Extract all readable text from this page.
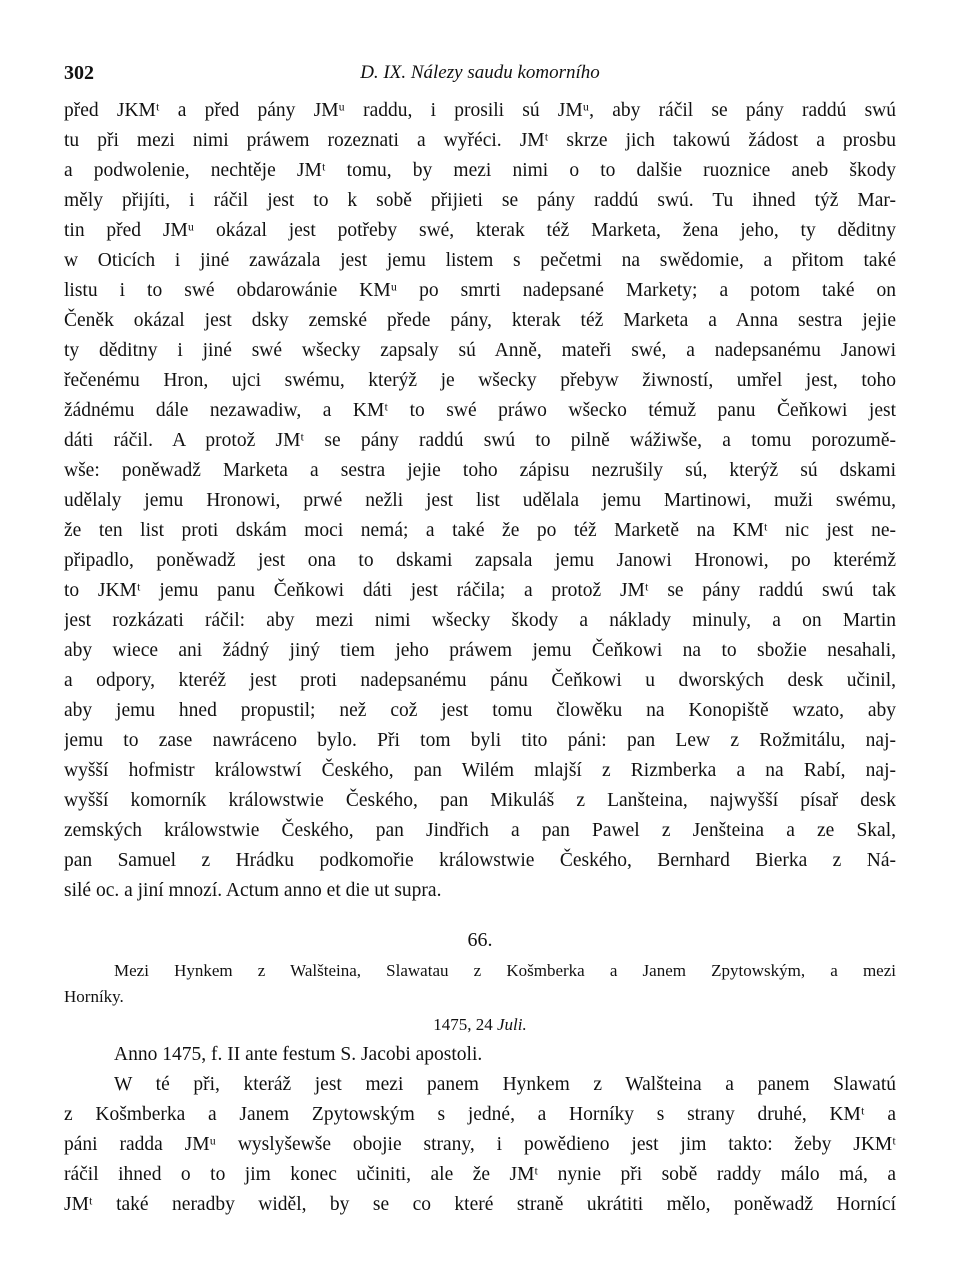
302	D. IX. Nálezy saudu komorního
před JKMᵗ a před pány JMᵘ raddu, i prosili sú JMᵘ, aby ráčil se pány raddú swú
tu při mezi nimi práwem rozeznati a wyřéci. JMᵗ skrze jich takowú žádost a prosbu
a podwolenie, nechtěje JMᵗ tomu, by mezi nimi o to dalšie ruoznice aneb škody
měly přijíti, i ráčil jest to k sobě přijieti se pány raddú swú. Tu ihned týž Mar-
tin před JMᵘ okázal jest potřeby swé, kterak též Marketa, žena jeho, ty děditny
w Oticích i jiné zawázala jest jemu listem s pečetmi na swědomie, a přitom také
listu i to swé obdarowánie KMᵘ po smrti nadepsané Markety; a potom také on
Čeněk okázal jest dsky zemské přede pány, kterak též Marketa a Anna sestra jejie
ty děditny i jiné swé wšecky zapsaly sú Anně, mateři swé, a nadepsanému Janowi
řečenému Hron, ujci swému, kterýž je wšecky přebyw žiwností, umřel jest, toho
žádnému dále nezawadiw, a KMᵗ to swé práwo wšecko témuž panu Čeňkowi jest
dáti ráčil. A protož JMᵗ se pány raddú swú to pilně wážiwše, a tomu porozumě-
wše: poněwadž Marketa a sestra jejie toho zápisu nezrušily sú, kterýž sú dskami
udělaly jemu Hronowi, prwé nežli jest list udělala jemu Martinowi, muži swému,
že ten list proti dskám moci nemá; a také že po též Marketě na KMᵗ nic jest ne-
připadlo, poněwadž jest ona to dskami zapsala jemu Janowi Hronowi, po kterémž
to JKMᵗ jemu panu Čeňkowi dáti jest ráčila; a protož JMᵗ se pány raddú swú tak
jest rozkázati ráčil: aby mezi nimi wšecky škody a náklady minuly, a on Martin
aby wiece ani žádný jiný tiem jeho práwem jemu Čeňkowi na to sbožie nesahali,
a odpory, kteréž jest proti nadepsanému pánu Čeňkowi u dworských desk učinil,
aby jemu hned propustil; než což jest tomu člowěku na Konopiště wzato, aby
jemu to zase nawráceno bylo. Při tom byli tito páni: pan Lew z Rožmitálu, naj-
wyšší hofmistr králowstwí Českého, pan Wilém mlajší z Rizmberka a na Rabí, naj-
wyšší komorník králowstwie Českého, pan Mikuláš z Lanšteina, najwyšší písař desk
zemských králowstwie Českého, pan Jindřich a pan Pawel z Jenšteina a ze Skal,
pan Samuel z Hrádku podkomořie králowstwie Českého, Bernhard Bierka z Ná-
silé oc. a jiní mnozí. Actum anno et die ut supra.
66.
Mezi Hynkem z Walšteina, Slawatau z Košmberka a Janem Zpytowským, a mezi
Horníky.
1475, 24 Juli.
Anno 1475, f. II ante festum S. Jacobi apostoli.
W té při, kteráž jest mezi panem Hynkem z Walšteina a panem Slawatú
z Košmberka a Janem Zpytowským s jedné, a Horníky s strany druhé, KMᵗ a
páni radda JMᵘ wyslyšewše obojie strany, i powědieno jest jim takto: žeby JKMᵗ
ráčil ihned o to jim konec učiniti, ale že JMᵗ nynie při sobě raddy málo má, a
JMᵗ také neradby widěl, by se co které straně ukrátiti mělo, poněwadž Hornící
